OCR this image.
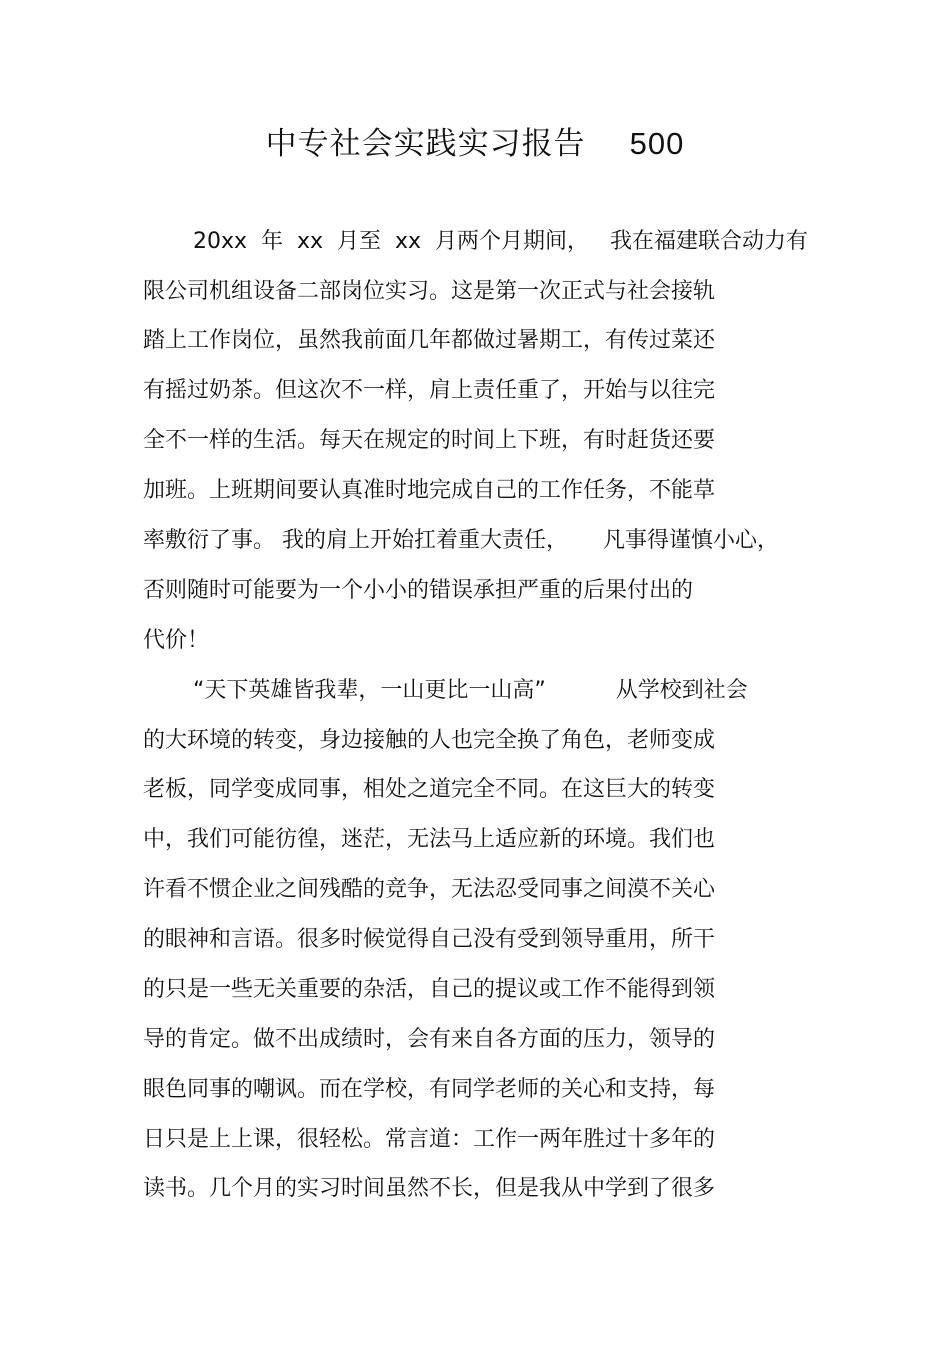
中专社会实践实习报告 500
20xx  年  xx  月至  xx  月两个月期间，   我在福建联合动力有
限公司机组设备二部岗位实习。这是第一次正式与社会接轨
踏上工作岗位，虽然我前面几年都做过暑期工，有传过菜还
有摇过奶茶。但这次不一样，肩上责任重了，开始与以往完
全不一样的生活。每天在规定的时间上下班，有时赶货还要
加班。上班期间要认真准时地完成自己的工作任务，不能草
率敷衍了事。 我的肩上开始扛着重大责任，     凡事得谨慎小心，
否则随时可能要为一个小小的错误承担严重的后果付出的
代价！
“天下英雄皆我辈，一山更比一山高”          从学校到社会
的大环境的转变，身边接触的人也完全换了角色，老师变成
老板，同学变成同事，相处之道完全不同。在这巨大的转变
中，我们可能彷徨，迷茫，无法马上适应新的环境。我们也
许看不惯企业之间残酷的竞争，无法忍受同事之间漠不关心
的眼神和言语。很多时候觉得自己没有受到领导重用，所干
的只是一些无关重要的杂活，自己的提议或工作不能得到领
导的肯定。做不出成绩时，会有来自各方面的压力，领导的
眼色同事的嘲讽。而在学校，有同学老师的关心和支持，每
日只是上上课，很轻松。常言道：工作一两年胜过十多年的
读书。几个月的实习时间虽然不长，但是我从中学到了很多
